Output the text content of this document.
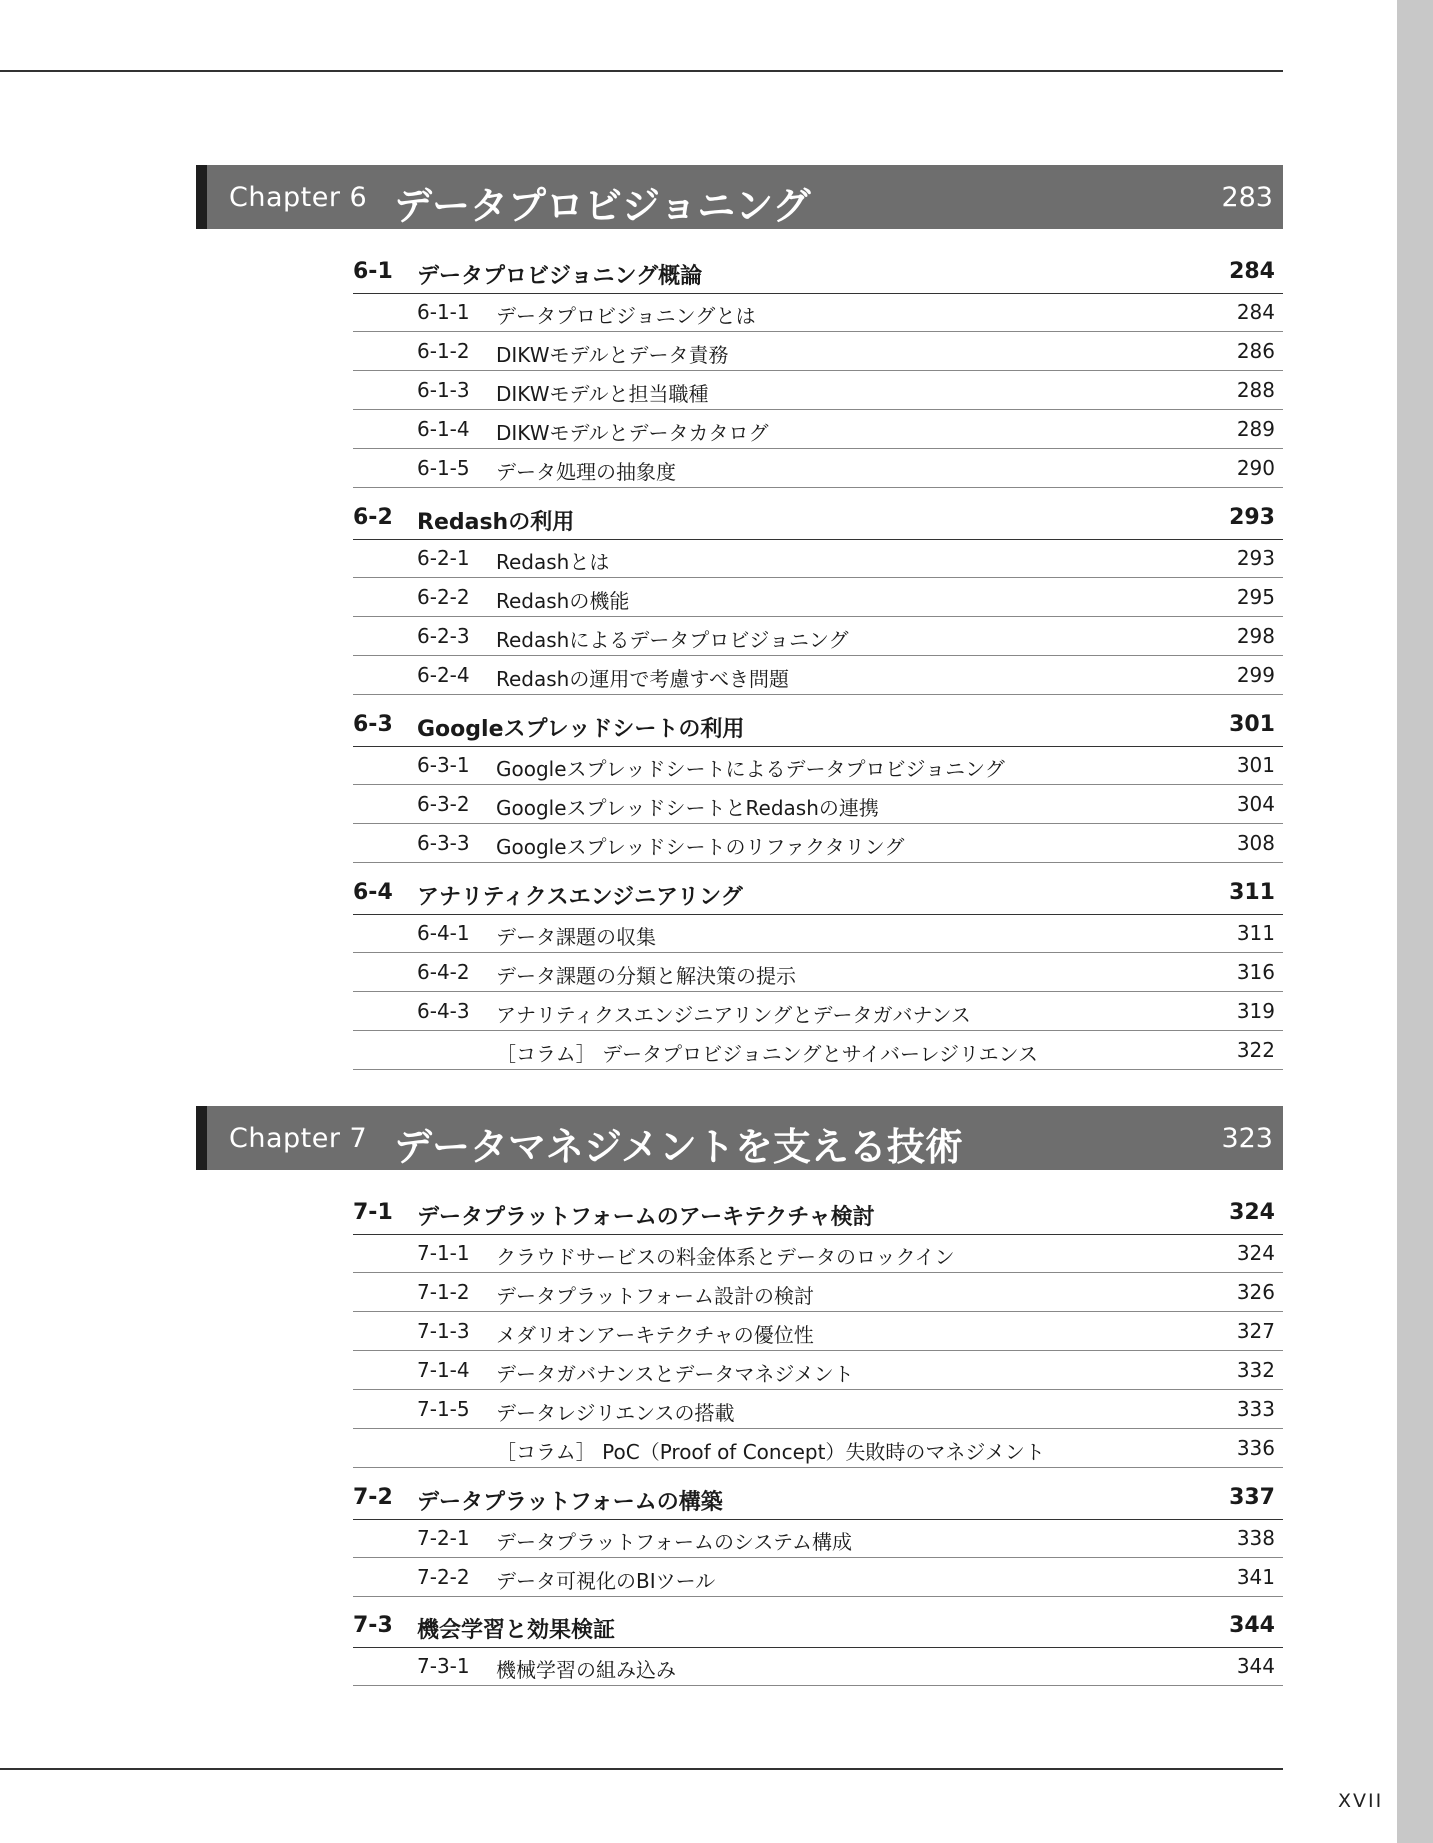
Chapter 6 データプロビジョニング	283
6-1 データプロビジョニング概論	284
6-1-1 データプロビジョニングとは	284
6-1-2 DIKWモデルとデータ責務	286
6-1-3 DIKWモデルと担当職種	288
6-1-4 DIKWモデルとデータカタログ	289
6-1-5 データ処理の抽象度	290
6-2 Redashの利用	293
6-2-1 Redashとは	293
6-2-2 Redashの機能	295
6-2-3 Redashによるデータプロビジョニング	298
6-2-4 Redashの運用で考慮すべき問題	299
6-3 Googleスプレッドシートの利用	301
6-3-1 Googleスプレッドシートによるデータプロビジョニング	301
6-3-2 GoogleスプレッドシートとRedashの連携	304
6-3-3 Googleスプレッドシートのリファクタリング	308
6-4 アナリティクスエンジニアリング	311
6-4-1 データ課題の収集	311
6-4-2 データ課題の分類と解決策の提示	316
6-4-3 アナリティクスエンジニアリングとデータガバナンス	319
［コラム］ データプロビジョニングとサイバーレジリエンス	322
Chapter 7 データマネジメントを支える技術	323
7-1 データプラットフォームのアーキテクチャ検討	324
7-1-1 クラウドサービスの料金体系とデータのロックイン	324
7-1-2 データプラットフォーム設計の検討	326
7-1-3 メダリオンアーキテクチャの優位性	327
7-1-4 データガバナンスとデータマネジメント	332
7-1-5 データレジリエンスの搭載	333
［コラム］ PoC（Proof of Concept）失敗時のマネジメント	336
7-2 データプラットフォームの構築	337
7-2-1 データプラットフォームのシステム構成	338
7-2-2 データ可視化のBIツール	341
7-3 機会学習と効果検証	344
7-3-1 機械学習の組み込み	344
XVII
